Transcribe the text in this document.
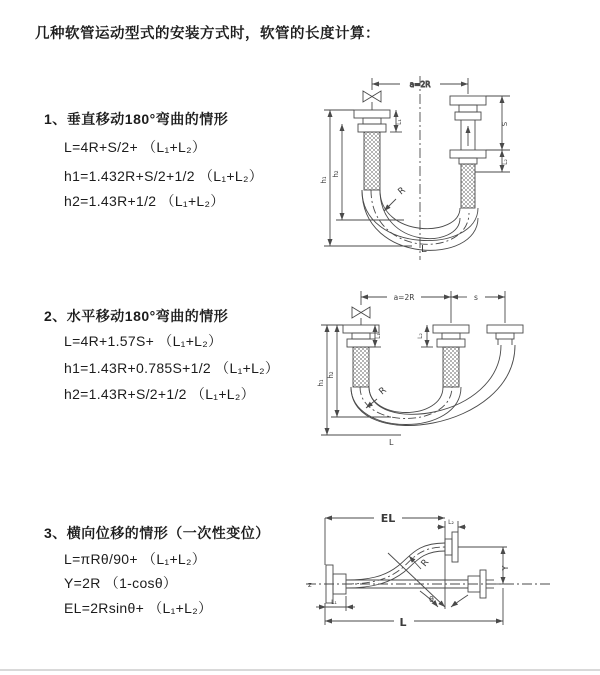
几种软管运动型式的安装方式时，软管的长度计算：
1、垂直移动180°弯曲的情形
L=4R+S/2+ （L₁+L₂）
h1=1.432R+S/2+1/2 （L₁+L₂）
h2=1.43R+1/2 （L₁+L₂）
a=2R
R
L
h₁
h₂
L₁	S
L₂
2、水平移动180°弯曲的情形
L=4R+1.57S+ （L₁+L₂）
h1=1.43R+0.785S+1/2 （L₁+L₂）
h2=1.43R+S/2+1/2 （L₁+L₂）
a=2R	s
R
L
h₁
h₂
L₁	L₂
3、横向位移的情形（一次性变位）
L=πRθ/90+ （L₁+L₂）
Y=2R （1-cosθ）
EL=2Rsinθ+ （L₁+L₂）
z
EL	L₂
Y
R
θ
L
L₁
